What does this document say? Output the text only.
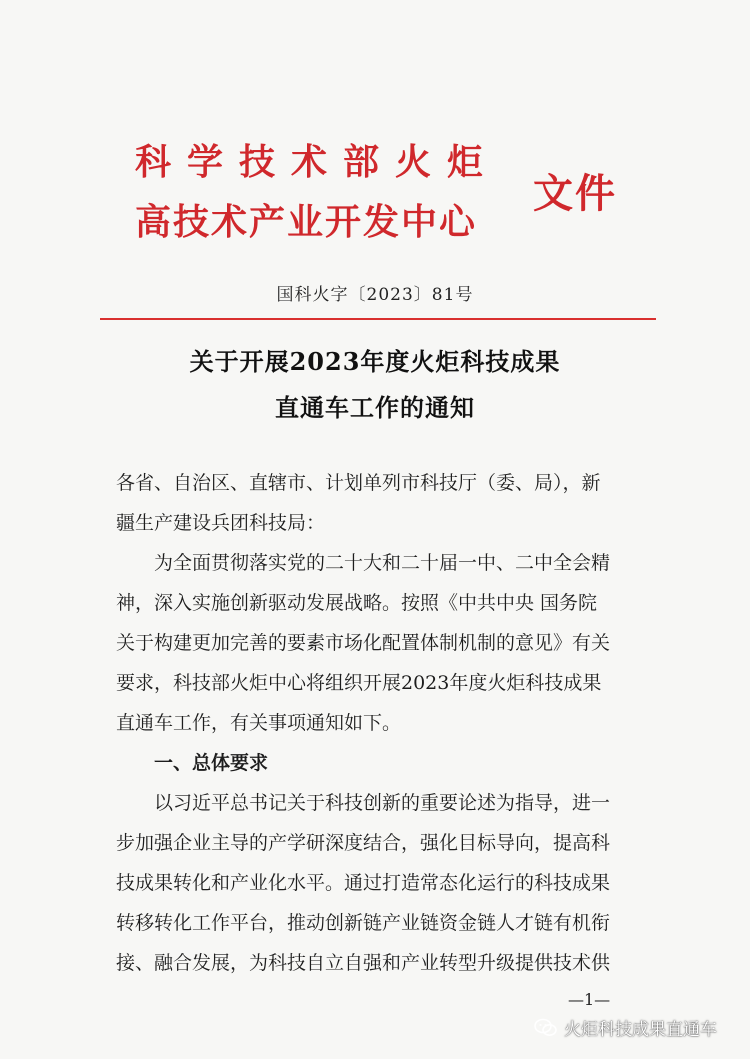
科学技术部火炬
高技术产业开发中心
文件
国科火字〔2023〕81号
关于开展2023年度火炬科技成果
直通车工作的通知
各省、自治区、直辖市、计划单列市科技厅（委、局），新
疆生产建设兵团科技局：
为全面贯彻落实党的二十大和二十届一中、二中全会精
神，深入实施创新驱动发展战略。按照《中共中央 国务院
关于构建更加完善的要素市场化配置体制机制的意见》有关
要求，科技部火炬中心将组织开展2023年度火炬科技成果
直通车工作，有关事项通知如下。
一、总体要求
以习近平总书记关于科技创新的重要论述为指导，进一
步加强企业主导的产学研深度结合，强化目标导向，提高科
技成果转化和产业化水平。通过打造常态化运行的科技成果
转移转化工作平台，推动创新链产业链资金链人才链有机衔
接、融合发展，为科技自立自强和产业转型升级提供技术供
—1—
火炬科技成果直通车
